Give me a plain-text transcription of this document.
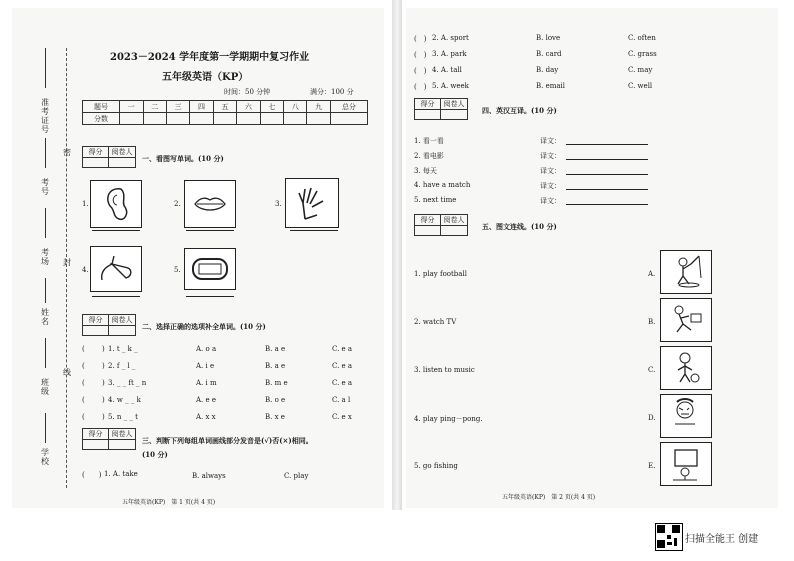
学校
班级
姓名
考场
考号
准考证号
密
封
线
2023－2024 学年度第一学期期中复习作业
五年级英语（KP）
时间：50 分钟	满分：100 分
题号	一	二	三	四	五	六	七	八	九	总分
分数										
得分	阅卷人
一、看图写单词。(10 分)
1.	2.	3.
4.	5.
得分	阅卷人
二、选择正确的选项补全单词。(10 分)
( ) 1. t _ k _	A. o a	B. a e	C. e a
( ) 2. f _ l _	A. i e	B. a e	C. e a
( ) 3. _ _ ft _ n	A. i m	B. m e	C. e a
( ) 4. w _ _ k	A. e e	B. o e	C. a l
( ) 5. n _ _ t	A. x x	B. x e	C. e x
得分	阅卷人
三、判断下列每组单词画线部分发音是(√)否(×)相同。
(10 分)
(　　) 1. A. take	B. always	C. play
五年级英语(KP)　第 1 页(共 4 页)
(　) 2. A. sport	B. love	C. often
(　) 3. A. park	B. card	C. grass
(　) 4. A. tall	B. day	C. may
(　) 5. A. week	B. email	C. well
得分	阅卷人
四、英汉互译。(10 分)
1. 看一看	译文：
2. 看电影	译文：
3. 每天	译文：
4. have a match	译文：
5. next time	译文：
得分	阅卷人
五、图文连线。(10 分)
1. play football	A.
2. watch TV	B.
3. listen to music	C.
4. play ping－pong.	D.
5. go fishing	E.
五年级英语(KP)　第 2 页(共 4 页)
扫描全能王 创建
